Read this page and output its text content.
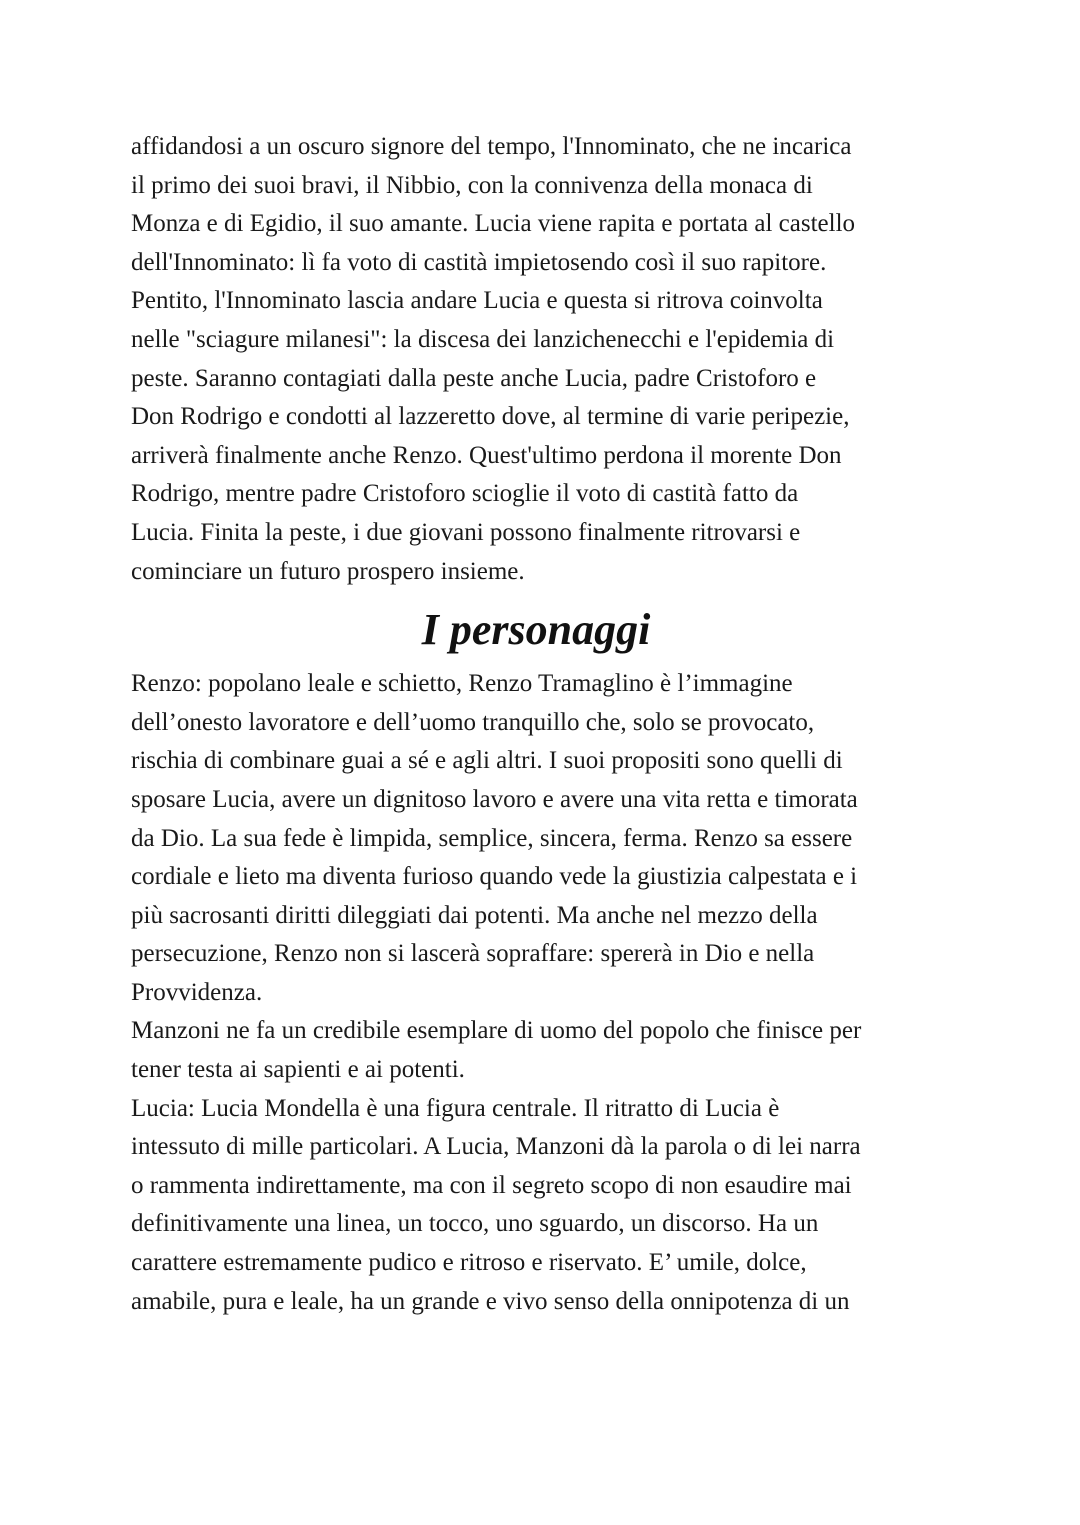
affidandosi a un oscuro signore del tempo, l'Innominato, che ne incarica
il primo dei suoi bravi, il Nibbio, con la connivenza della monaca di
Monza e di Egidio, il suo amante. Lucia viene rapita e portata al castello
dell'Innominato: lì fa voto di castità impietosendo così il suo rapitore.
Pentito, l'Innominato lascia andare Lucia e questa si ritrova coinvolta
nelle "sciagure milanesi": la discesa dei lanzichenecchi e l'epidemia di
peste. Saranno contagiati dalla peste anche Lucia, padre Cristoforo e
Don Rodrigo e condotti al lazzeretto dove, al termine di varie peripezie,
arriverà finalmente anche Renzo. Quest'ultimo perdona il morente Don
Rodrigo, mentre padre Cristoforo scioglie il voto di castità fatto da
Lucia. Finita la peste, i due giovani possono finalmente ritrovarsi e
cominciare un futuro prospero insieme.
I personaggi
Renzo: popolano leale e schietto, Renzo Tramaglino è l’immagine
dell’onesto lavoratore e dell’uomo tranquillo che, solo se provocato,
rischia di combinare guai a sé e agli altri. I suoi propositi sono quelli di
sposare Lucia, avere un dignitoso lavoro e avere una vita retta e timorata
da Dio. La sua fede è limpida, semplice, sincera, ferma. Renzo sa essere
cordiale e lieto ma diventa furioso quando vede la giustizia calpestata e i
più sacrosanti diritti dileggiati dai potenti. Ma anche nel mezzo della
persecuzione, Renzo non si lascerà sopraffare: spererà in Dio e nella
Provvidenza.
Manzoni ne fa un credibile esemplare di uomo del popolo che finisce per
tener testa ai sapienti e ai potenti.
Lucia: Lucia Mondella è una figura centrale. Il ritratto di Lucia è
intessuto di mille particolari. A Lucia, Manzoni dà la parola o di lei narra
o rammenta indirettamente, ma con il segreto scopo di non esaudire mai
definitivamente una linea, un tocco, uno sguardo, un discorso. Ha un
carattere estremamente pudico e ritroso e riservato. E’ umile, dolce,
amabile, pura e leale, ha un grande e vivo senso della onnipotenza di un
